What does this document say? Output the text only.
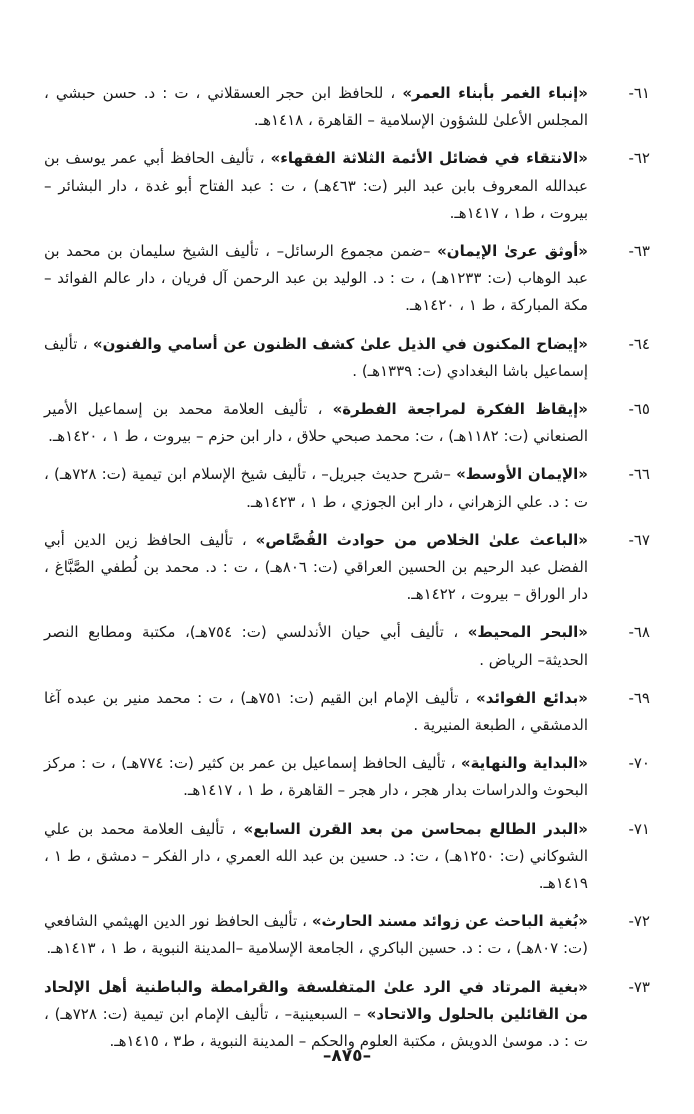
٦١-
«إنباء الغمر بأبناء العمر» ، للحافظ ابن حجر العسقلاني ، ت : د. حسن حبشي ، المجلس الأعلىٰ للشؤون الإسلامية – القاهرة ، ١٤١٨هـ.
٦٢-
«الانتقاء في فضائل الأئمة الثلاثة الفقهاء» ، تأليف الحافظ أبي عمر يوسف بن عبدالله المعروف بابن عبد البر (ت: ٤٦٣هـ) ، ت : عبد الفتاح أبو غدة ، دار البشائر –بيروت ، ط١ ، ١٤١٧هـ.
٦٣-
«أوثق عرىٰ الإيمان» –ضمن مجموع الرسائل– ، تأليف الشيخ سليمان بن محمد بن عبد الوهاب (ت: ١٢٣٣هـ) ، ت : د. الوليد بن عبد الرحمن آل فريان ، دار عالم الفوائد – مكة المباركة ، ط ١ ، ١٤٢٠هـ.
٦٤-
«إيضاح المكنون في الذيل علىٰ كشف الظنون عن أسامي والفنون» ، تأليف إسماعيل باشا البغدادي (ت: ١٣٣٩هـ) .
٦٥-
«إيقاظ الفكرة لمراجعة الفطرة» ، تأليف العلامة محمد بن إسماعيل الأمير الصنعاني (ت: ١١٨٢هـ) ، ت: محمد صبحي حلاق ، دار ابن حزم – بيروت ، ط ١ ، ١٤٢٠هـ.
٦٦-
«الإيمان الأوسط» –شرح حديث جبريل– ، تأليف شيخ الإسلام ابن تيمية (ت: ٧٢٨هـ) ، ت : د. علي الزهراني ، دار ابن الجوزي ، ط ١ ، ١٤٢٣هـ.
٦٧-
«الباعث علىٰ الخلاص من حوادث القُصَّاص» ، تأليف الحافظ زين الدين أبي الفضل عبد الرحيم بن الحسين العراقي (ت: ٨٠٦هـ) ، ت : د. محمد بن لُطفي الصَّبَّاغ ، دار الوراق – بيروت ، ١٤٢٢هـ.
٦٨-
«البحر المحيط» ، تأليف أبي حيان الأندلسي (ت: ٧٥٤هـ)، مكتبة ومطابع النصر الحديثة– الرياض .
٦٩-
«بدائع الفوائد» ، تأليف الإمام ابن القيم (ت: ٧٥١هـ) ، ت : محمد منير بن عبده آغا الدمشقي ، الطبعة المنيرية .
٧٠-
«البداية والنهاية» ، تأليف الحافظ إسماعيل بن عمر بن كثير (ت: ٧٧٤هـ) ، ت : مركز البحوث والدراسات بدار هجر ، دار هجر – القاهرة ، ط ١ ، ١٤١٧هـ.
٧١-
«البدر الطالع بمحاسن من بعد القرن السابع» ، تأليف العلامة محمد بن علي الشوكاني (ت: ١٢٥٠هـ) ، ت: د. حسين بن عبد الله العمري ، دار الفكر – دمشق ، ط ١ ، ١٤١٩هـ.
٧٢-
«بُغية الباحث عن زوائد مسند الحارث» ، تأليف الحافظ نور الدين الهيثمي الشافعي (ت: ٨٠٧هـ) ، ت : د. حسين الباكري ، الجامعة الإسلامية –المدينة النبوية ، ط ١ ، ١٤١٣هـ.
٧٣-
«بغية المرتاد في الرد علىٰ المتفلسفة والقرامطة والباطنية أهل الإلحاد من القائلين بالحلول والاتحاد» – السبعينية– ، تأليف الإمام ابن تيمية (ت: ٧٢٨هـ) ، ت : د. موسىٰ الدويش ، مكتبة العلوم والحكم – المدينة النبوية ، ط٣ ، ١٤١٥هـ.
–٨٧٥–
